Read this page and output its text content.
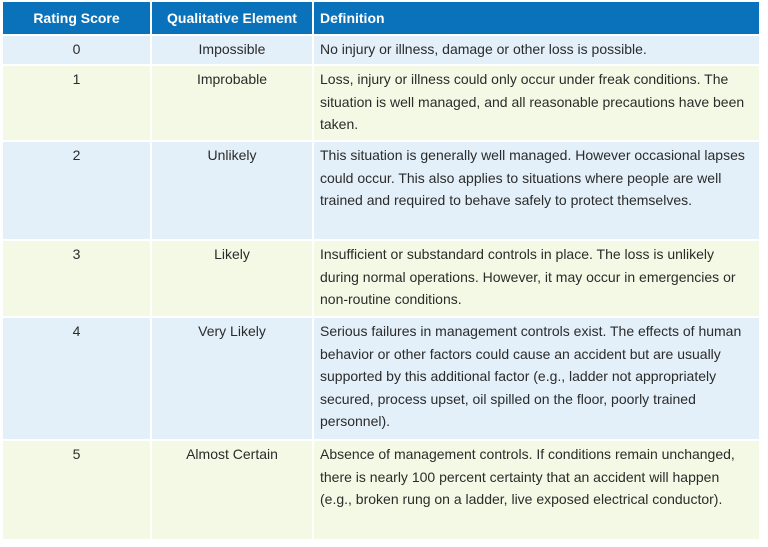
Rating Score	Qualitative Element	Definition
0	Impossible	No injury or illness, damage or other loss is possible.
1	Improbable	Loss, injury or illness could only occur under freak conditions. The situation is well managed, and all reasonable precautions have been taken.
2	Unlikely	This situation is generally well managed. However occasional lapses could occur. This also applies to situations where people are well trained and required to behave safely to protect themselves.
3	Likely	Insufficient or substandard controls in place. The loss is unlikely during normal operations. However, it may occur in emergencies or non-routine conditions.
4	Very Likely	Serious failures in management controls exist. The effects of human behavior or other factors could cause an accident but are usually supported by this additional factor (e.g., ladder not appropriately secured, process upset, oil spilled on the floor, poorly trained personnel).
5	Almost Certain	Absence of management controls. If conditions remain unchanged, there is nearly 100 percent certainty that an accident will happen (e.g., broken rung on a ladder, live exposed electrical conductor).
